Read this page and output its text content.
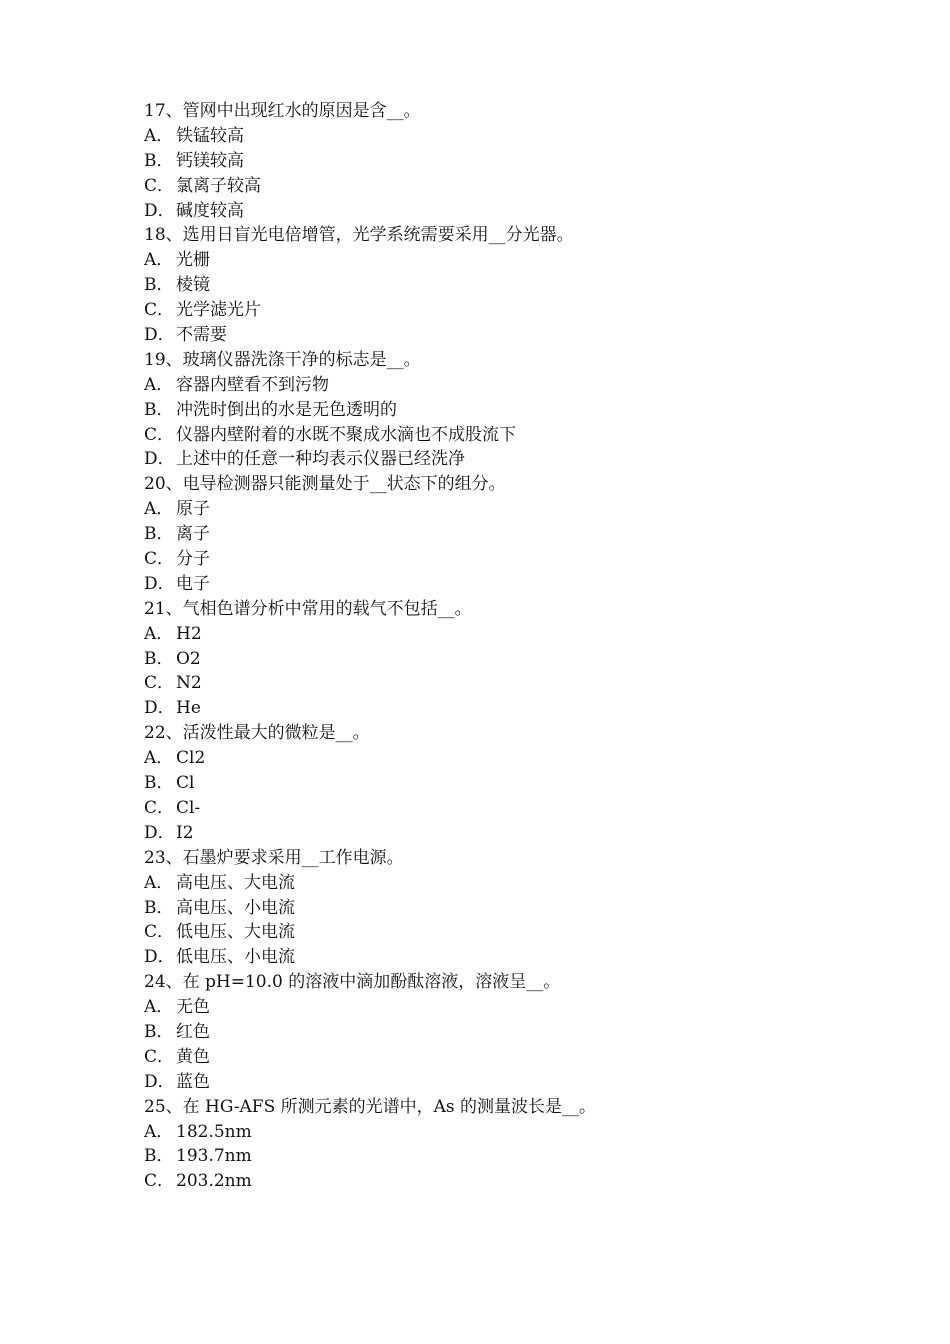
17、管网中出现红水的原因是含__。
A． 铁锰较高
B． 钙镁较高
C． 氯离子较高
D．碱度较高
18、选用日盲光电倍增管，光学系统需要采用__分光器。
A． 光栅
B． 棱镜
C． 光学滤光片
D．不需要
19、玻璃仪器洗涤干净的标志是__。
A． 容器内壁看不到污物
B． 冲洗时倒出的水是无色透明的
C． 仪器内壁附着的水既不聚成水滴也不成股流下
D．上述中的任意一种均表示仪器已经洗净
20、电导检测器只能测量处于__状态下的组分。
A． 原子
B． 离子
C． 分子
D．电子
21、气相色谱分析中常用的载气不包括__。
A． H2
B． O2
C． N2
D．He
22、活泼性最大的微粒是__。
A． Cl2
B． Cl
C． Cl-
D．I2
23、石墨炉要求采用__工作电源。
A． 高电压、大电流
B． 高电压、小电流
C． 低电压、大电流
D．低电压、小电流
24、在 pH=10.0 的溶液中滴加酚酞溶液，溶液呈__。
A． 无色
B． 红色
C． 黄色
D．蓝色
25、在 HG-AFS 所测元素的光谱中，As 的测量波长是__。
A． 182.5nm
B． 193.7nm
C． 203.2nm
